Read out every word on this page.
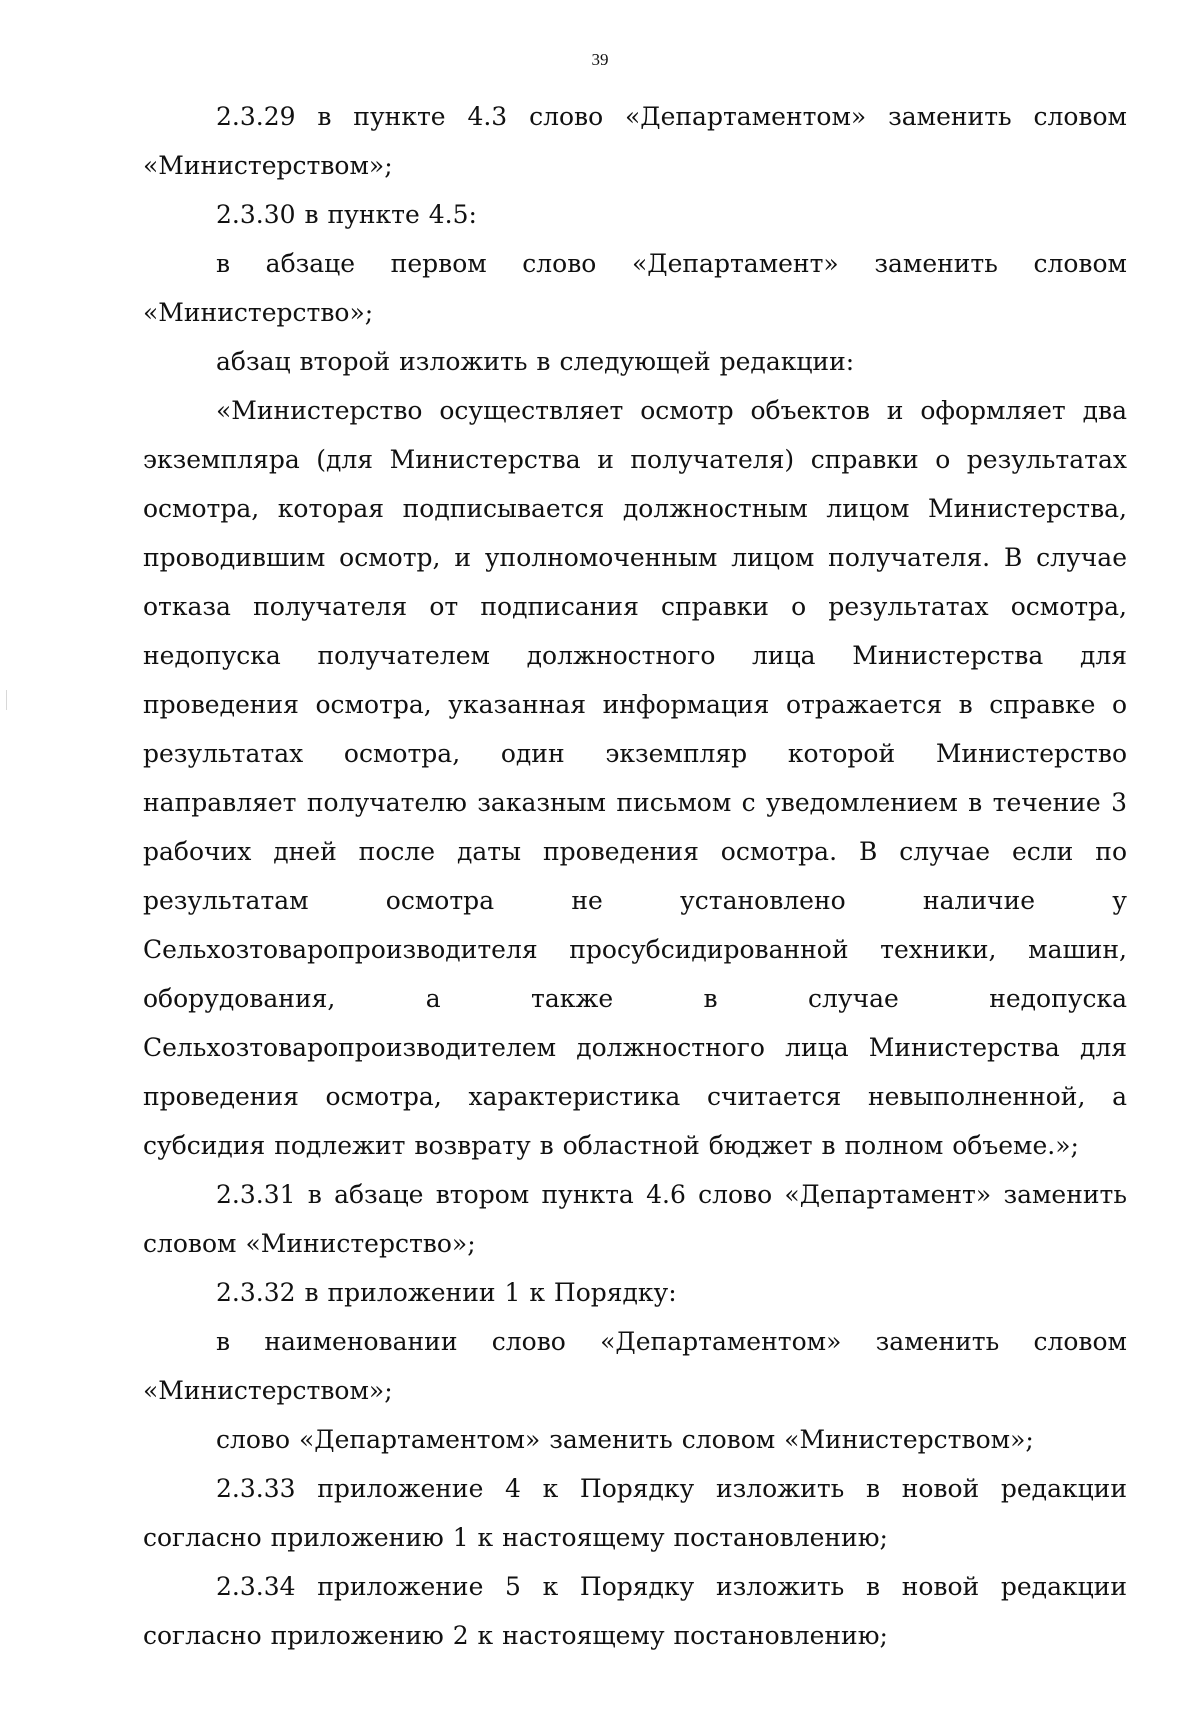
39

2.3.29 в пункте 4.3 слово «Департаментом» заменить словом «Министерством»;

2.3.30 в пункте 4.5:

в абзаце первом слово «Департамент» заменить словом «Министерство»;

абзац второй изложить в следующей редакции:

«Министерство осуществляет осмотр объектов и оформляет два экземпляра (для Министерства и получателя) справки о результатах осмотра, которая подписывается должностным лицом Министерства, проводившим осмотр, и уполномоченным лицом получателя. В случае отказа получателя от подписания справки о результатах осмотра, недопуска получателем должностного лица Министерства для проведения осмотра, указанная информация отражается в справке о результатах осмотра, один экземпляр которой Министерство направляет получателю заказным письмом с уведомлением в течение 3 рабочих дней после даты проведения осмотра. В случае если по результатам осмотра не установлено наличие у Сельхозтоваропроизводителя просубсидированной техники, машин, оборудования, а также в случае недопуска Сельхозтоваропроизводителем должностного лица Министерства для проведения осмотра, характеристика считается невыполненной, а субсидия подлежит возврату в областной бюджет в полном объеме.»;

2.3.31 в абзаце втором пункта 4.6 слово «Департамент» заменить словом «Министерство»;

2.3.32 в приложении 1 к Порядку:

в наименовании слово «Департаментом» заменить словом «Министерством»;

слово «Департаментом» заменить словом «Министерством»;

2.3.33 приложение 4 к Порядку изложить в новой редакции согласно приложению 1 к настоящему постановлению;

2.3.34 приложение 5 к Порядку изложить в новой редакции согласно приложению 2 к настоящему постановлению;
